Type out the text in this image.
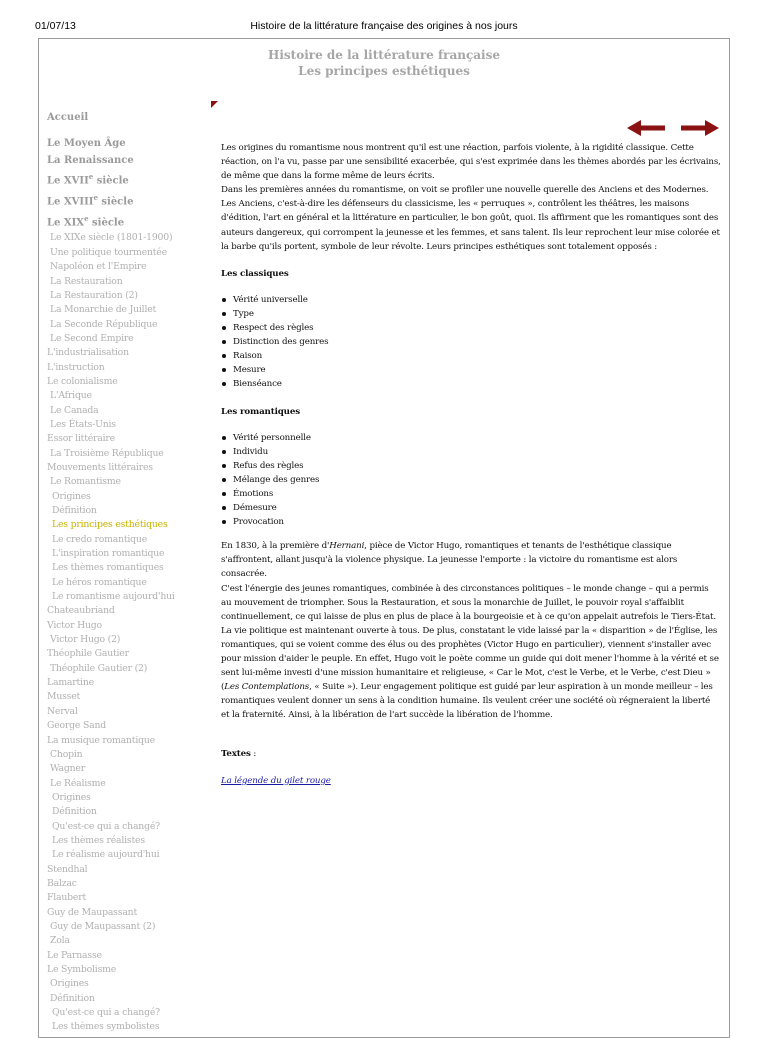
01/07/13	Histoire de la littérature française des origines à nos jours
Histoire de la littérature française
Les principes esthétiques
Accueil
Le Moyen Âge
La Renaissance
Le XVIIe siècle
Le XVIIIe siècle
Le XIXe siècle
Le XIXe siècle (1801-1900)
Une politique tourmentée
Napoléon et l'Empire
La Restauration
La Restauration (2)
La Monarchie de Juillet
La Seconde République
Le Second Empire
L'industrialisation
L'instruction
Le colonialisme
L'Afrique
Le Canada
Les États-Unis
Essor littéraire
La Troisième République
Mouvements littéraires
Le Romantisme
Origines
Définition
Les principes esthétiques
Le credo romantique
L'inspiration romantique
Les thèmes romantiques
Le héros romantique
Le romantisme aujourd'hui
Chateaubriand
Victor Hugo
Victor Hugo (2)
Théophile Gautier
Théophile Gautier (2)
Lamartine
Musset
Nerval
George Sand
La musique romantique
Chopin
Wagner
Le Réalisme
Origines
Définition
Qu'est-ce qui a changé?
Les thèmes réalistes
Le réalisme aujourd'hui
Stendhal
Balzac
Flaubert
Guy de Maupassant
Guy de Maupassant (2)
Zola
Le Parnasse
Le Symbolisme
Origines
Définition
Qu'est-ce qui a changé?
Les thèmes symbolistes

Les origines du romantisme nous montrent qu'il est une réaction, parfois violente, à la rigidité classique. Cette réaction, on l'a vu, passe par une sensibilité exacerbée, qui s'est exprimée dans les thèmes abordés par les écrivains, de même que dans la forme même de leurs écrits.

Dans les premières années du romantisme, on voit se profiler une nouvelle querelle des Anciens et des Modernes. Les Anciens, c'est-à-dire les défenseurs du classicisme, les « perruques », contrôlent les théâtres, les maisons d'édition, l'art en général et la littérature en particulier, le bon goût, quoi. Ils affirment que les romantiques sont des auteurs dangereux, qui corrompent la jeunesse et les femmes, et sans talent. Ils leur reprochent leur mise colorée et la barbe qu'ils portent, symbole de leur révolte. Leurs principes esthétiques sont totalement opposés :

Les classiques

Vérité universelle
Type
Respect des règles
Distinction des genres
Raison
Mesure
Bienséance

Les romantiques

Vérité personnelle
Individu
Refus des règles
Mélange des genres
Émotions
Démesure
Provocation

En 1830, à la première d'Hernani, pièce de Victor Hugo, romantiques et tenants de l'esthétique classique s'affrontent, allant jusqu'à la violence physique. La jeunesse l'emporte : la victoire du romantisme est alors consacrée.

C'est l'énergie des jeunes romantiques, combinée à des circonstances politiques – le monde change – qui a permis au mouvement de triompher. Sous la Restauration, et sous la monarchie de Juillet, le pouvoir royal s'affaiblit continuellement, ce qui laisse de plus en plus de place à la bourgeoisie et à ce qu'on appelait autrefois le Tiers-État. La vie politique est maintenant ouverte à tous. De plus, constatant le vide laissé par la « disparition » de l'Église, les romantiques, qui se voient comme des élus ou des prophètes (Victor Hugo en particulier), viennent s'installer avec pour mission d'aider le peuple. En effet, Hugo voit le poète comme un guide qui doit mener l'homme à la vérité et se sent lui-même investi d'une mission humanitaire et religieuse, « Car le Mot, c'est le Verbe, et le Verbe, c'est Dieu » (Les Contemplations, « Suite »). Leur engagement politique est guidé par leur aspiration à un monde meilleur – les romantiques veulent donner un sens à la condition humaine. Ils veulent créer une société où régneraient la liberté et la fraternité. Ainsi, à la libération de l'art succède la libération de l'homme.

Textes :

La légende du gilet rouge
